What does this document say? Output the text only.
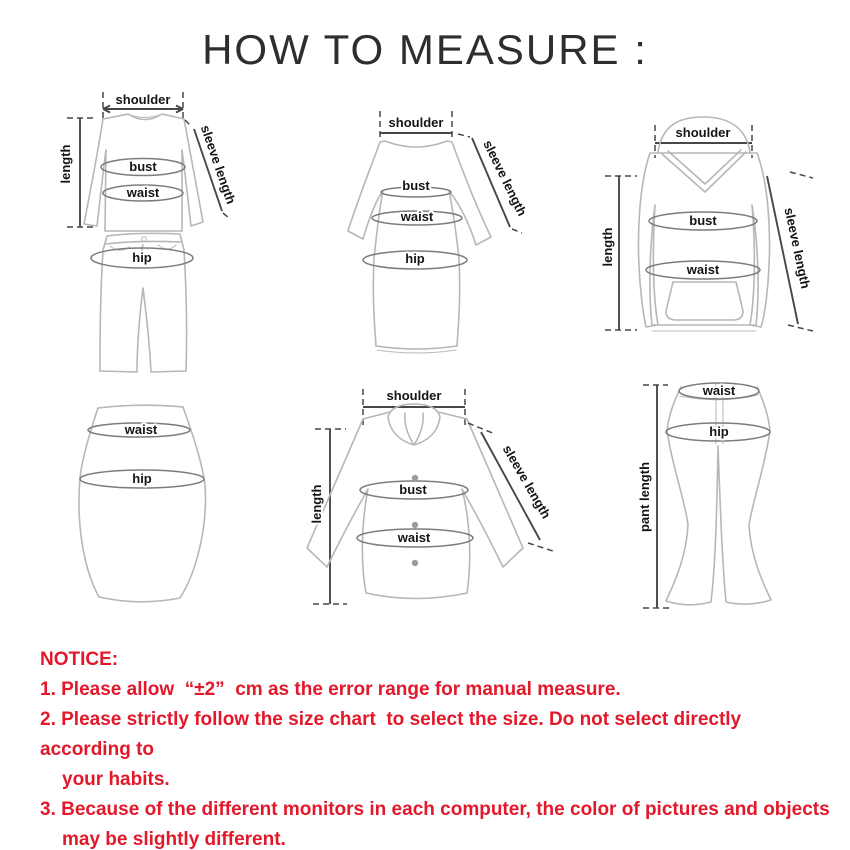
HOW TO MEASURE :
shoulder
length	bust
waist	sleeve length
hip
shoulder
bust
waist
hip
sleeve length
shoulder
length
bust
waist	sleeve length
waist
hip
shoulder
length	bust
waist
sleeve length
waist
hip
pant length
NOTICE:
1. Please allow  “±2”  cm as the error range for manual measure.
2. Please strictly follow the size chart  to select the size. Do not select directly according to
your habits.
3. Because of the different monitors in each computer, the color of pictures and objects
may be slightly different.
